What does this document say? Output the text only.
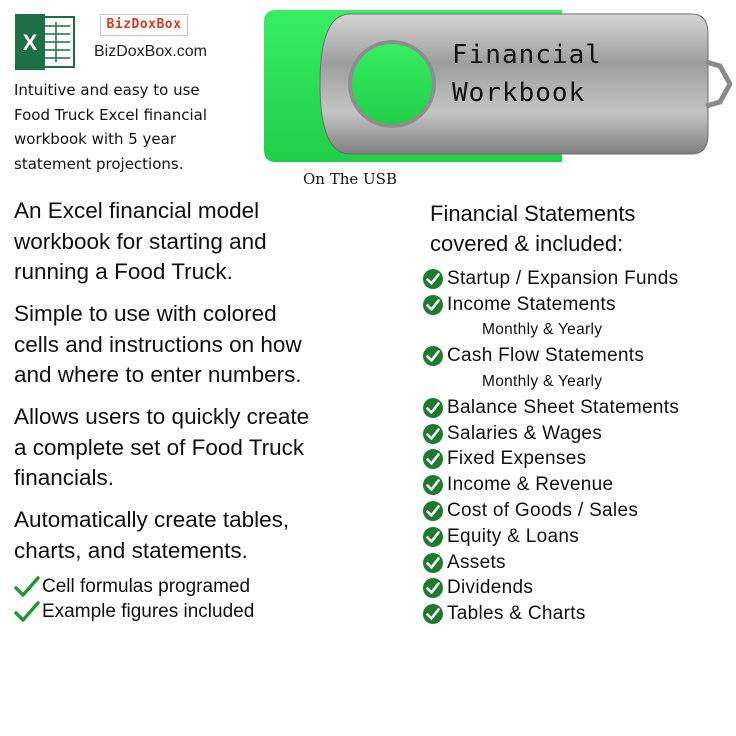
X
BizDoxBox
BizDoxBox.com
Intuitive and easy to use
Food Truck Excel financial
workbook with 5 year
statement projections.
Financial
Workbook
On The USB
An Excel financial model
workbook for starting and
running a Food Truck.
Simple to use with colored
cells and instructions on how
and where to enter numbers.
Allows users to quickly create
a complete set of Food Truck
financials.
Automatically create tables,
charts, and statements.
Cell formulas programed
Example figures included
Financial Statements
covered & included:
Startup / Expansion Funds
Income Statements
Monthly & Yearly
Cash Flow Statements
Monthly & Yearly
Balance Sheet Statements
Salaries & Wages
Fixed Expenses
Income & Revenue
Cost of Goods / Sales
Equity & Loans
Assets
Dividends
Tables & Charts
